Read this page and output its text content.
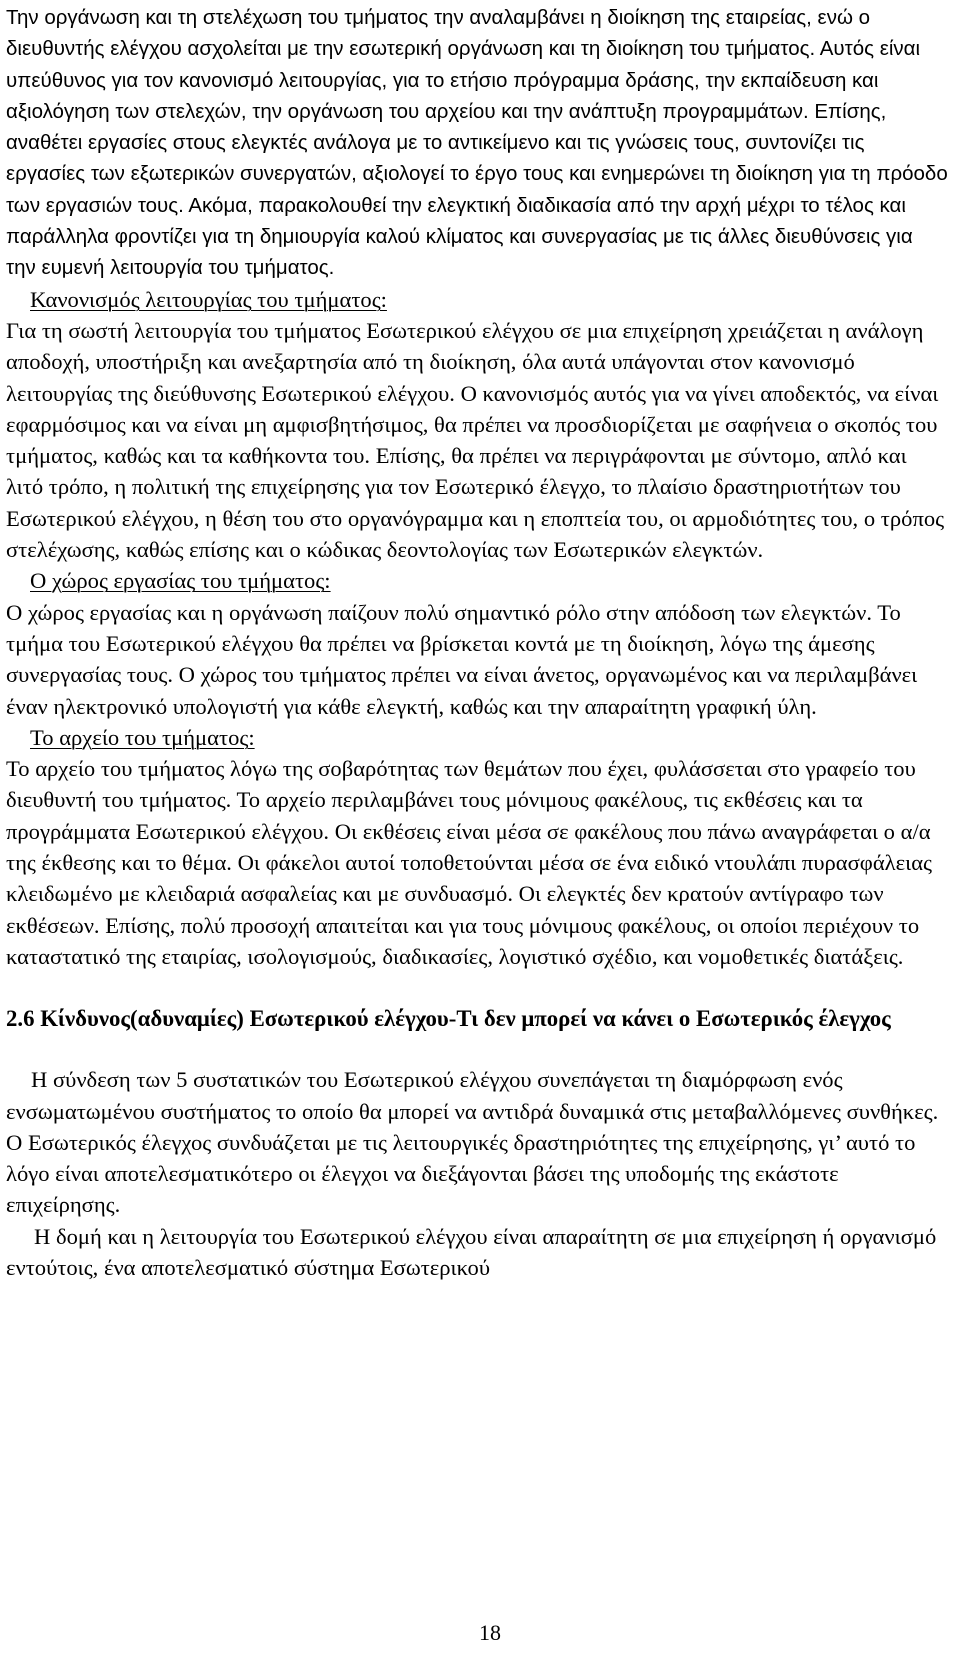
Την οργάνωση και τη στελέχωση του τμήματος την αναλαμβάνει η διοίκηση της εταιρείας, ενώ ο διευθυντής ελέγχου ασχολείται με την εσωτερική οργάνωση και τη διοίκηση του τμήματος. Αυτός είναι υπεύθυνος για τον κανονισμό λειτουργίας, για το ετήσιο πρόγραμμα δράσης, την εκπαίδευση και αξιολόγηση των στελεχών, την οργάνωση του αρχείου και την ανάπτυξη προγραμμάτων. Επίσης, αναθέτει εργασίες στους ελεγκτές ανάλογα με το αντικείμενο και τις γνώσεις τους, συντονίζει τις εργασίες των εξωτερικών συνεργατών, αξιολογεί το έργο τους και ενημερώνει τη διοίκηση για τη πρόοδο των εργασιών τους. Ακόμα, παρακολουθεί την ελεγκτική διαδικασία από την αρχή μέχρι το τέλος και παράλληλα φροντίζει για τη δημιουργία καλού κλίματος και συνεργασίας με τις άλλες διευθύνσεις για την ευμενή λειτουργία του τμήματος.

Κανονισμός λειτουργίας του τμήματος:

Για τη σωστή λειτουργία του τμήματος Εσωτερικού ελέγχου σε μια επιχείρηση χρειάζεται η ανάλογη αποδοχή, υποστήριξη και ανεξαρτησία από τη διοίκηση, όλα αυτά υπάγονται στον κανονισμό λειτουργίας της διεύθυνσης Εσωτερικού ελέγχου. Ο κανονισμός αυτός για να γίνει αποδεκτός, να είναι εφαρμόσιμος και να είναι μη αμφισβητήσιμος, θα πρέπει να προσδιορίζεται με σαφήνεια ο σκοπός του τμήματος, καθώς και τα καθήκοντα του. Επίσης, θα πρέπει να περιγράφονται με σύντομο, απλό και λιτό τρόπο, η πολιτική της επιχείρησης για τον Εσωτερικό έλεγχο, το πλαίσιο δραστηριοτήτων του Εσωτερικού ελέγχου, η θέση του στο οργανόγραμμα και η εποπτεία του, οι αρμοδιότητες του, ο τρόπος στελέχωσης, καθώς επίσης και ο κώδικας δεοντολογίας των Εσωτερικών ελεγκτών.

Ο χώρος εργασίας του τμήματος:

Ο χώρος εργασίας και η οργάνωση παίζουν πολύ σημαντικό ρόλο στην απόδοση των ελεγκτών. Το τμήμα του Εσωτερικού ελέγχου θα πρέπει να βρίσκεται κοντά με τη διοίκηση, λόγω της άμεσης συνεργασίας τους. Ο χώρος του τμήματος πρέπει να είναι άνετος, οργανωμένος και να περιλαμβάνει έναν ηλεκτρονικό υπολογιστή για κάθε ελεγκτή, καθώς και την απαραίτητη γραφική ύλη.

Το αρχείο του τμήματος:

Το αρχείο του τμήματος λόγω της σοβαρότητας των θεμάτων που έχει, φυλάσσεται στο γραφείο του διευθυντή του τμήματος. Το αρχείο περιλαμβάνει τους μόνιμους φακέλους, τις εκθέσεις και τα προγράμματα Εσωτερικού ελέγχου. Οι εκθέσεις είναι μέσα σε φακέλους που πάνω αναγράφεται ο α/α της έκθεσης και το θέμα. Οι φάκελοι αυτοί τοποθετούνται μέσα σε ένα ειδικό ντουλάπι πυρασφάλειας κλειδωμένο με κλειδαριά ασφαλείας και με συνδυασμό. Οι ελεγκτές δεν κρατούν αντίγραφο των εκθέσεων. Επίσης, πολύ προσοχή απαιτείται και για τους μόνιμους φακέλους, οι οποίοι περιέχουν το καταστατικό της εταιρίας, ισολογισμούς, διαδικασίες, λογιστικό σχέδιο, και νομοθετικές διατάξεις.

2.6 Κίνδυνος(αδυναμίες) Εσωτερικού ελέγχου-Τι δεν μπορεί να κάνει ο Εσωτερικός έλεγχος

Η σύνδεση των 5 συστατικών του Εσωτερικού ελέγχου συνεπάγεται τη διαμόρφωση ενός ενσωματωμένου συστήματος το οποίο θα μπορεί να αντιδρά δυναμικά στις μεταβαλλόμενες συνθήκες. Ο Εσωτερικός έλεγχος συνδυάζεται με τις λειτουργικές δραστηριότητες της επιχείρησης, γι’ αυτό το λόγο είναι αποτελεσματικότερο οι έλεγχοι να διεξάγονται βάσει της υποδομής της εκάστοτε επιχείρησης.

Η δομή και η λειτουργία του Εσωτερικού ελέγχου είναι απαραίτητη σε μια επιχείρηση ή οργανισμό εντούτοις, ένα αποτελεσματικό σύστημα Εσωτερικού

18
